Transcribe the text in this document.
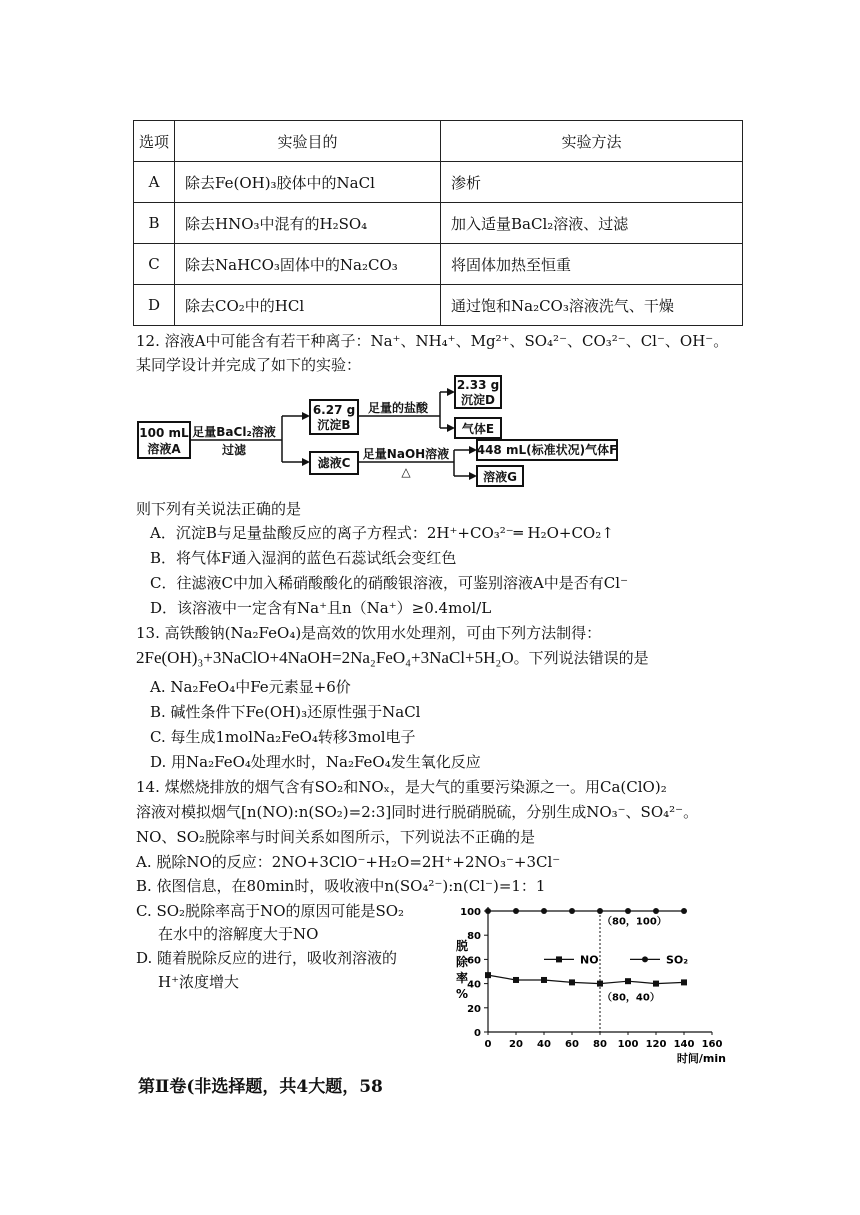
选项	实验目的	实验方法
A	除去Fe(OH)₃胶体中的NaCl	渗析
B	除去HNO₃中混有的H₂SO₄	加入适量BaCl₂溶液、过滤
C	除去NaHCO₃固体中的Na₂CO₃	将固体加热至恒重
D	除去CO₂中的HCl	通过饱和Na₂CO₃溶液洗气、干燥
12. 溶液A中可能含有若干种离子：Na⁺、NH₄⁺、Mg²⁺、SO₄²⁻、CO₃²⁻、Cl⁻、OH⁻。
某同学设计并完成了如下的实验：
100 mL
溶液A
足量BaCl₂溶液
过滤
6.27 g
沉淀B
足量的盐酸
2.33 g
沉淀D
气体E
滤液C
足量NaOH溶液
△
448 mL(标准状况)气体F
溶液G
则下列有关说法正确的是
A．沉淀B与足量盐酸反应的离子方程式：2H⁺+CO₃²⁻═ H₂O+CO₂↑
B．将气体F通入湿润的蓝色石蕊试纸会变红色
C．往滤液C中加入稀硝酸酸化的硝酸银溶液，可鉴别溶液A中是否有Cl⁻
D．该溶液中一定含有Na⁺且n（Na⁺）≥0.4mol/L
13. 高铁酸钠(Na₂FeO₄)是高效的饮用水处理剂，可由下列方法制得：
2Fe(OH)₃+3NaClO+4NaOH=2Na₂FeO₄+3NaCl+5H₂O。下列说法错误的是
A. Na₂FeO₄中Fe元素显+6价
B. 碱性条件下Fe(OH)₃还原性强于NaCl
C. 每生成1molNa₂FeO₄转移3mol电子
D. 用Na₂FeO₄处理水时，Na₂FeO₄发生氧化反应
14. 煤燃烧排放的烟气含有SO₂和NOₓ，是大气的重要污染源之一。用Ca(ClO)₂
溶液对模拟烟气[n(NO):n(SO₂)=2:3]同时进行脱硝脱硫，分别生成NO₃⁻、SO₄²⁻。
NO、SO₂脱除率与时间关系如图所示，下列说法不正确的是
A. 脱除NO的反应：2NO+3ClO⁻+H₂O=2H⁺+2NO₃⁻+3Cl⁻
B. 依图信息，在80min时，吸收液中n(SO₄²⁻):n(Cl⁻)=1：1
C. SO₂脱除率高于NO的原因可能是SO₂
在水中的溶解度大于NO
D. 随着脱除反应的进行，吸收剂溶液的
H⁺浓度增大
脱
除
率
%
0
20
40
60
80
100
0 20 40 60 80 100 120 140 160
时间/min
NO	SO₂
（80，100）
（80，40）
第Ⅱ卷(非选择题，共4大题，58
